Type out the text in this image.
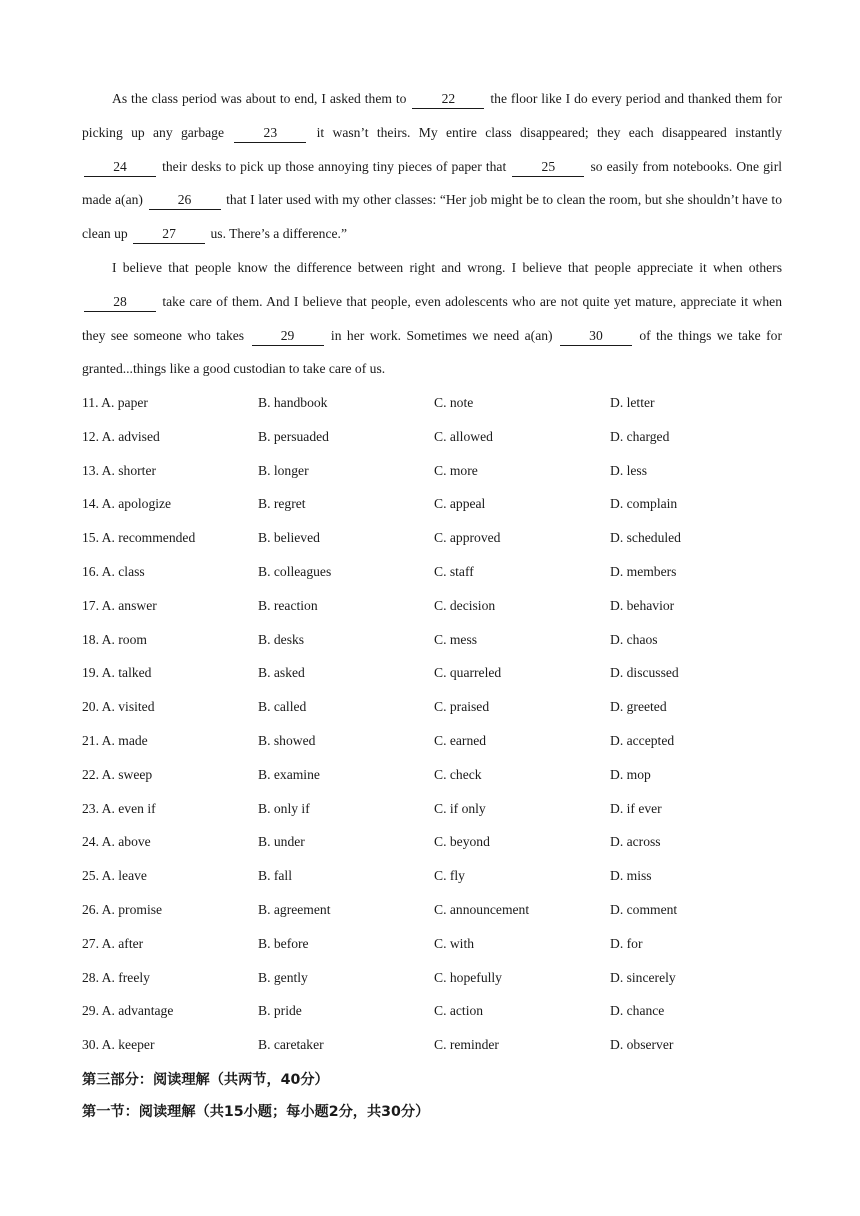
As the class period was about to end, I asked them to 22 the floor like I do every period and thanked them for picking up any garbage 23 it wasn’t theirs. My entire class disappeared; they each disappeared instantly 24 their desks to pick up those annoying tiny pieces of paper that 25 so easily from notebooks. One girl made a(an) 26 that I later used with my other classes: “Her job might be to clean the room, but she shouldn’t have to clean up 27 us. There’s a difference.”

I believe that people know the difference between right and wrong. I believe that people appreciate it when others 28 take care of them. And I believe that people, even adolescents who are not quite yet mature, appreciate it when they see someone who takes 29 in her work. Sometimes we need a(an) 30 of the things we take for granted...things like a good custodian to take care of us.

11. A. paper	B. handbook	C. note	D. letter
12. A. advised	B. persuaded	C. allowed	D. charged
13. A. shorter	B. longer	C. more	D. less
14. A. apologize	B. regret	C. appeal	D. complain
15. A. recommended	B. believed	C. approved	D. scheduled
16. A. class	B. colleagues	C. staff	D. members
17. A. answer	B. reaction	C. decision	D. behavior
18. A. room	B. desks	C. mess	D. chaos
19. A. talked	B. asked	C. quarreled	D. discussed
20. A. visited	B. called	C. praised	D. greeted
21. A. made	B. showed	C. earned	D. accepted
22. A. sweep	B. examine	C. check	D. mop
23. A. even if	B. only if	C. if only	D. if ever
24. A. above	B. under	C. beyond	D. across
25. A. leave	B. fall	C. fly	D. miss
26. A. promise	B. agreement	C. announcement	D. comment
27. A. after	B. before	C. with	D. for
28. A. freely	B. gently	C. hopefully	D. sincerely
29. A. advantage	B. pride	C. action	D. chance
30. A. keeper	B. caretaker	C. reminder	D. observer
第三部分：阅读理解（共两节，40分）
第一节：阅读理解（共15小题；每小题2分，共30分）
